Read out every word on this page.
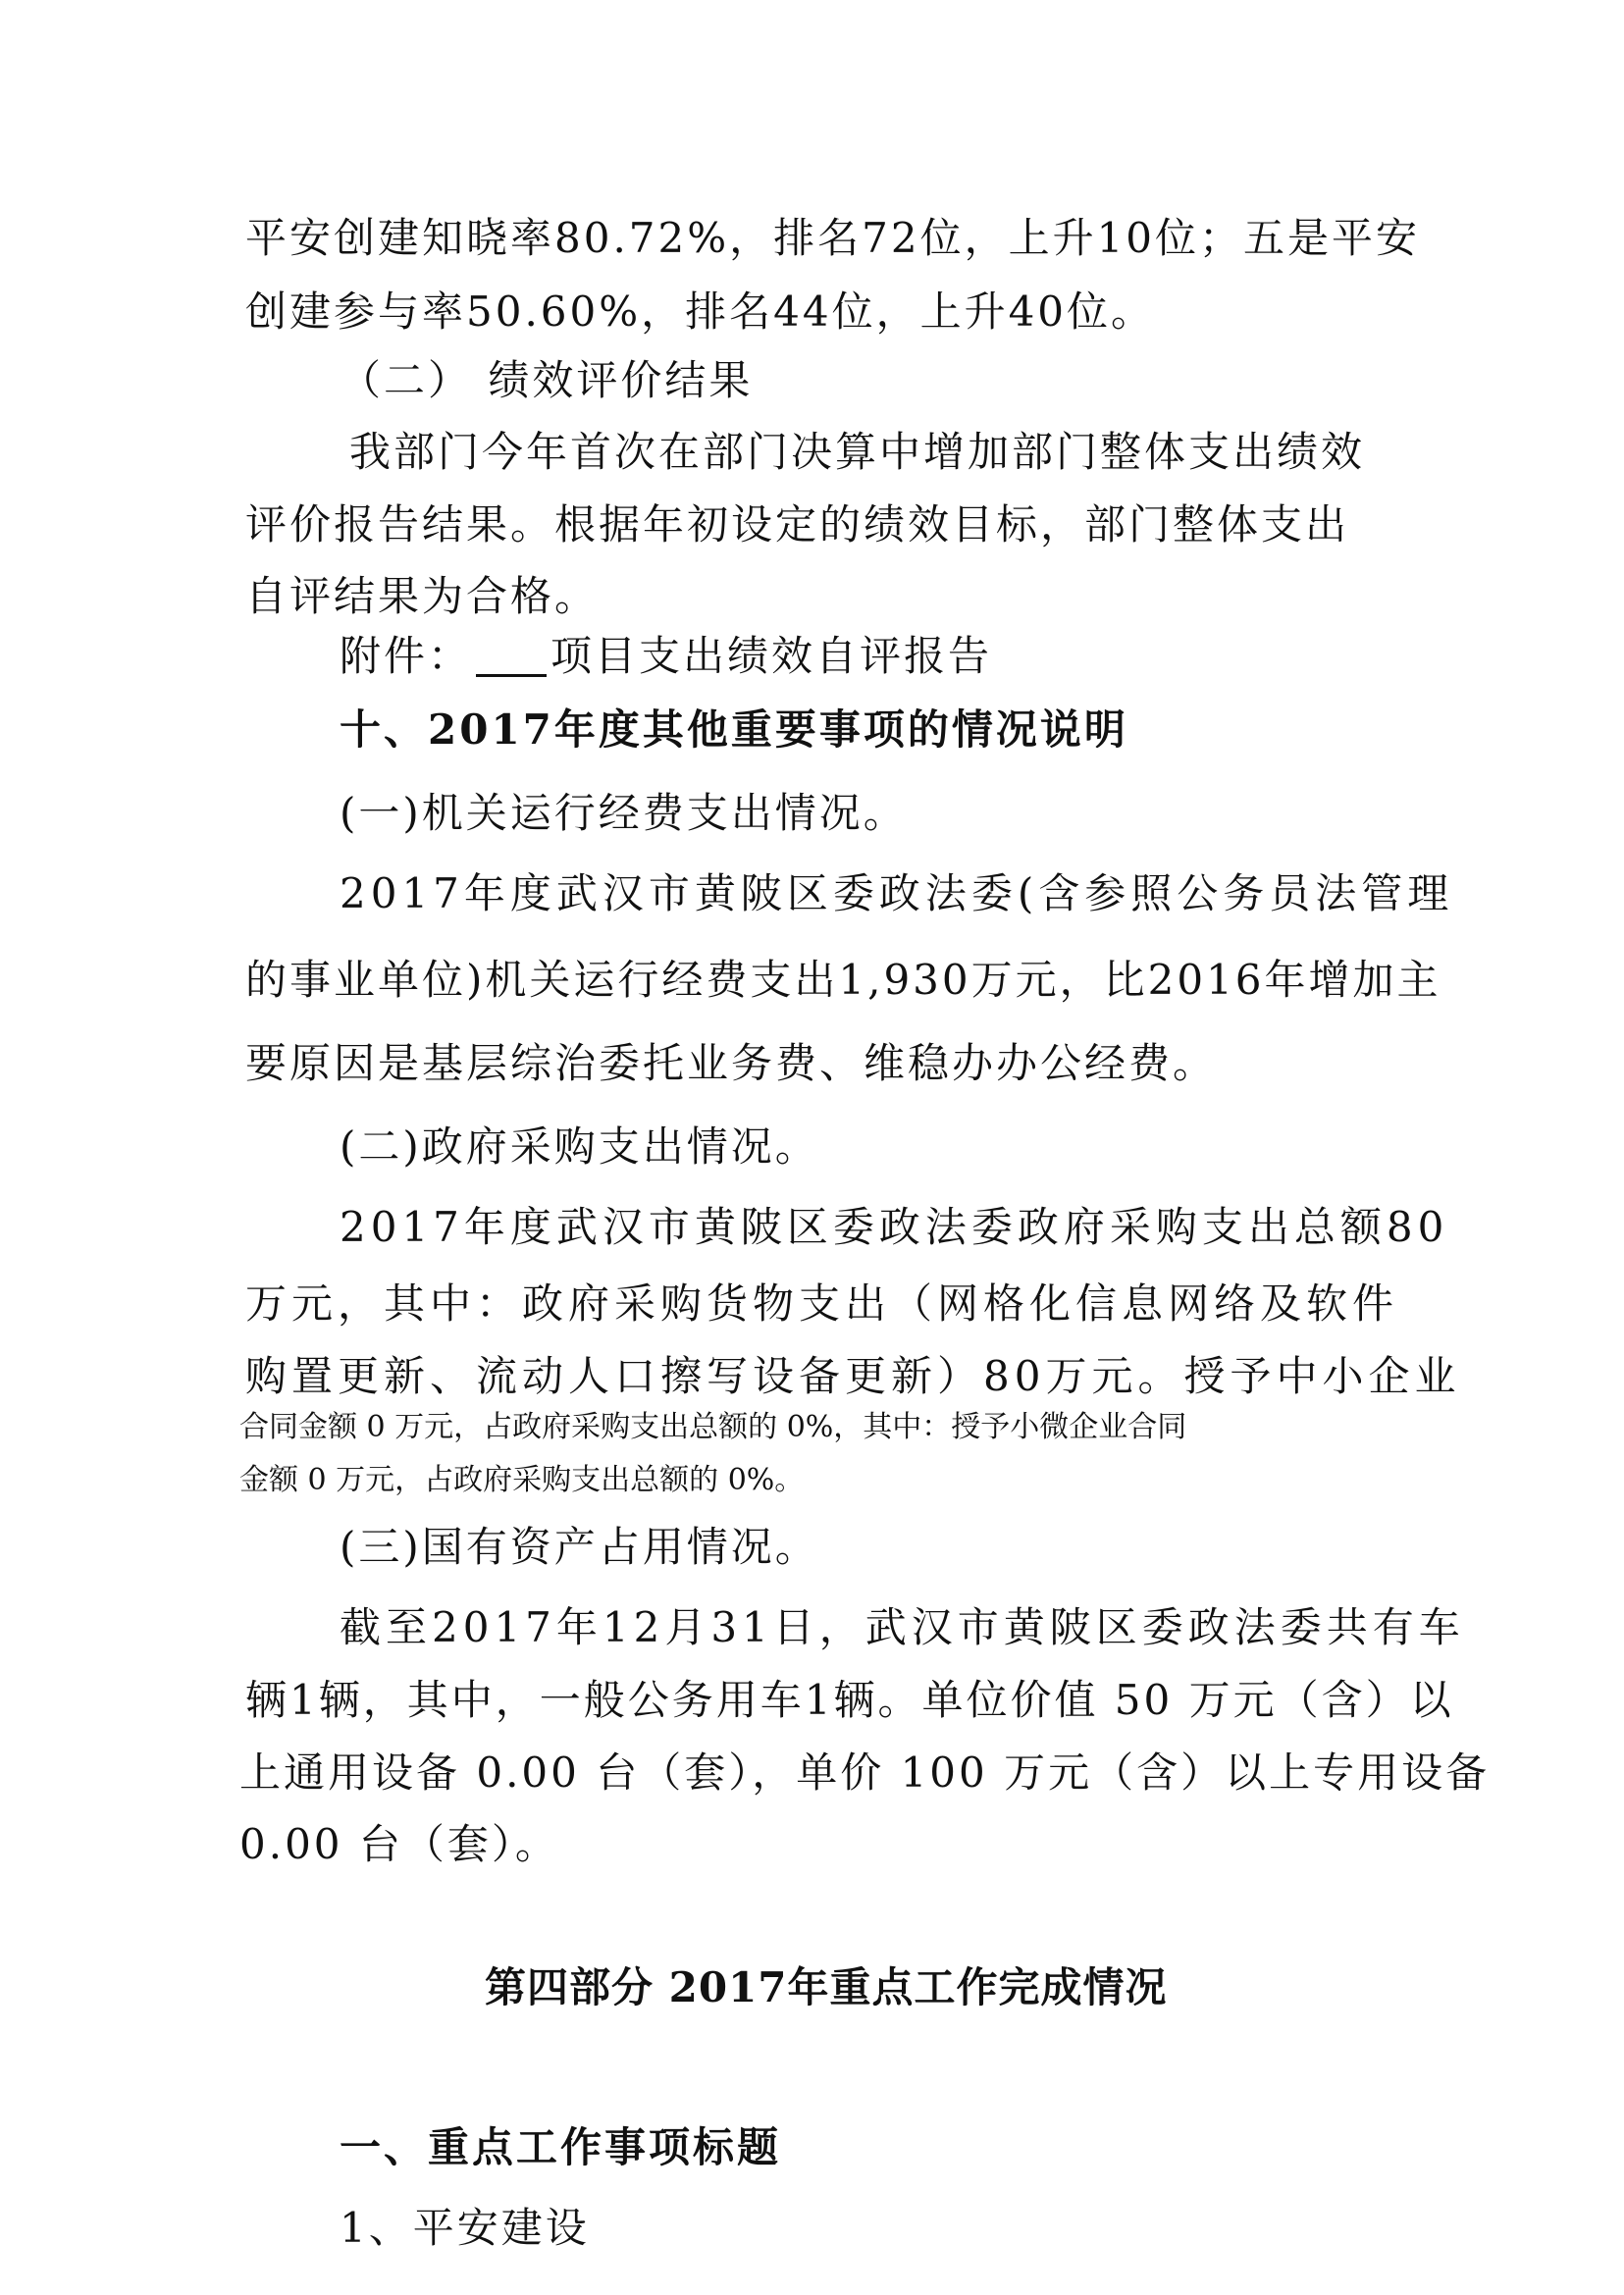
平安创建知晓率80.72%，排名72位，上升10位；五是平安
创建参与率50.60%，排名44位，上升40位。
（二） 绩效评价结果
我部门今年首次在部门决算中增加部门整体支出绩效
评价报告结果。根据年初设定的绩效目标，部门整体支出
自评结果为合格。
附件： 项目支出绩效自评报告
十、2017年度其他重要事项的情况说明
(一)机关运行经费支出情况。
2017年度武汉市黄陂区委政法委(含参照公务员法管理
的事业单位)机关运行经费支出1,930万元，比2016年增加主
要原因是基层综治委托业务费、维稳办办公经费。
(二)政府采购支出情况。
2017年度武汉市黄陂区委政法委政府采购支出总额80
万元，其中：政府采购货物支出（网格化信息网络及软件
购置更新、流动人口擦写设备更新）80万元。授予中小企业
合同金额 0 万元，占政府采购支出总额的 0%，其中：授予小微企业合同
金额 0 万元，占政府采购支出总额的 0%。
(三)国有资产占用情况。
截至2017年12月31日，武汉市黄陂区委政法委共有车
辆1辆，其中，一般公务用车1辆。单位价值 50 万元（含）以
上通用设备 0.00 台（套），单价 100 万元（含）以上专用设备
0.00 台（套）。
第四部分 2017年重点工作完成情况
一、重点工作事项标题
1、平安建设
